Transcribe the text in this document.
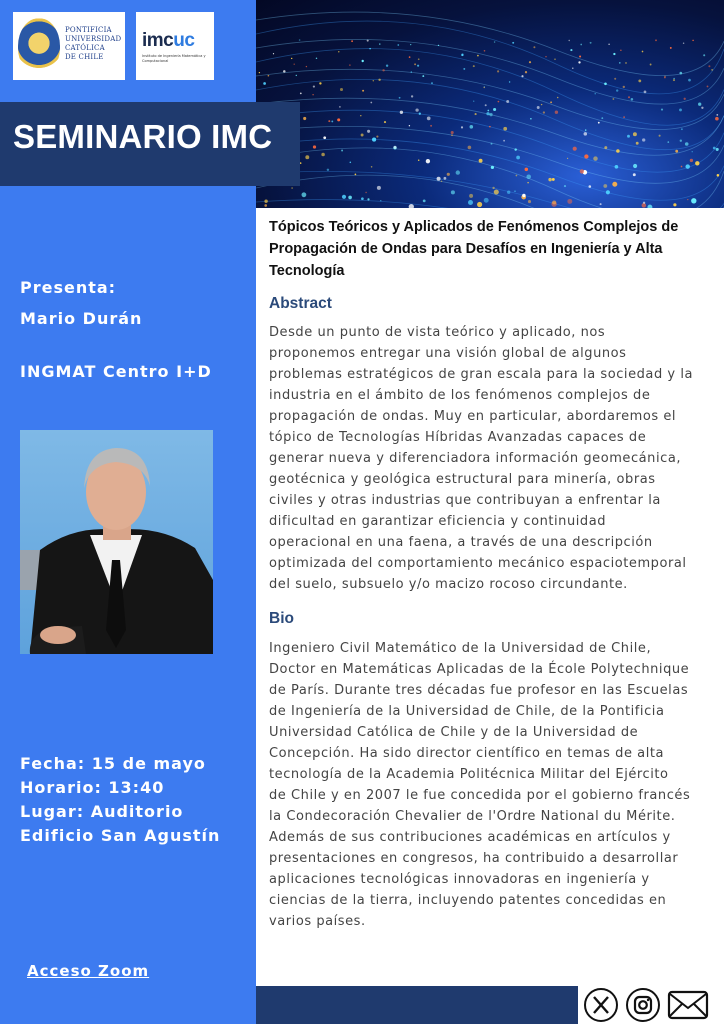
PONTIFICIA
UNIVERSIDAD
CATÓLICA
DE CHILE
imcuc
Instituto de Ingeniería Matemática y Computacional
SEMINARIO IMC
Presenta:
Mario Durán
INGMAT Centro I+D
Fecha: 15 de mayo
Horario: 13:40
Lugar: Auditorio
Edificio San Agustín
Acceso Zoom
Tópicos Teóricos y Aplicados de Fenómenos Complejos de Propagación de Ondas para Desafíos en Ingeniería y Alta Tecnología
Abstract
Desde un punto de vista teórico y aplicado, nos
proponemos entregar una visión global de algunos
problemas estratégicos de gran escala para la sociedad y la
industria en el ámbito de los fenómenos complejos de
propagación de ondas. Muy en particular, abordaremos el
tópico de Tecnologías Híbridas Avanzadas capaces de
generar nueva y diferenciadora información geomecánica,
geotécnica y geológica estructural para minería, obras
civiles y otras industrias que contribuyan a enfrentar la
dificultad en garantizar eficiencia y continuidad
operacional en una faena, a través de una descripción
optimizada del comportamiento mecánico espaciotemporal
del suelo, subsuelo y/o macizo rocoso circundante.
Bio
Ingeniero Civil Matemático de la Universidad de Chile,
Doctor en Matemáticas Aplicadas de la École Polytechnique
de París. Durante tres décadas fue profesor en las Escuelas
de Ingeniería de la Universidad de Chile, de la Pontificia
Universidad Católica de Chile y de la Universidad de
Concepción. Ha sido director científico en temas de alta
tecnología de la Academia Politécnica Militar del Ejército
de Chile y en 2007 le fue concedida por el gobierno francés
la Condecoración Chevalier de l'Ordre National du Mérite.
Además de sus contribuciones académicas en artículos y
presentaciones en congresos, ha contribuido a desarrollar
aplicaciones tecnológicas innovadoras en ingeniería y
ciencias de la tierra, incluyendo patentes concedidas en
varios países.
